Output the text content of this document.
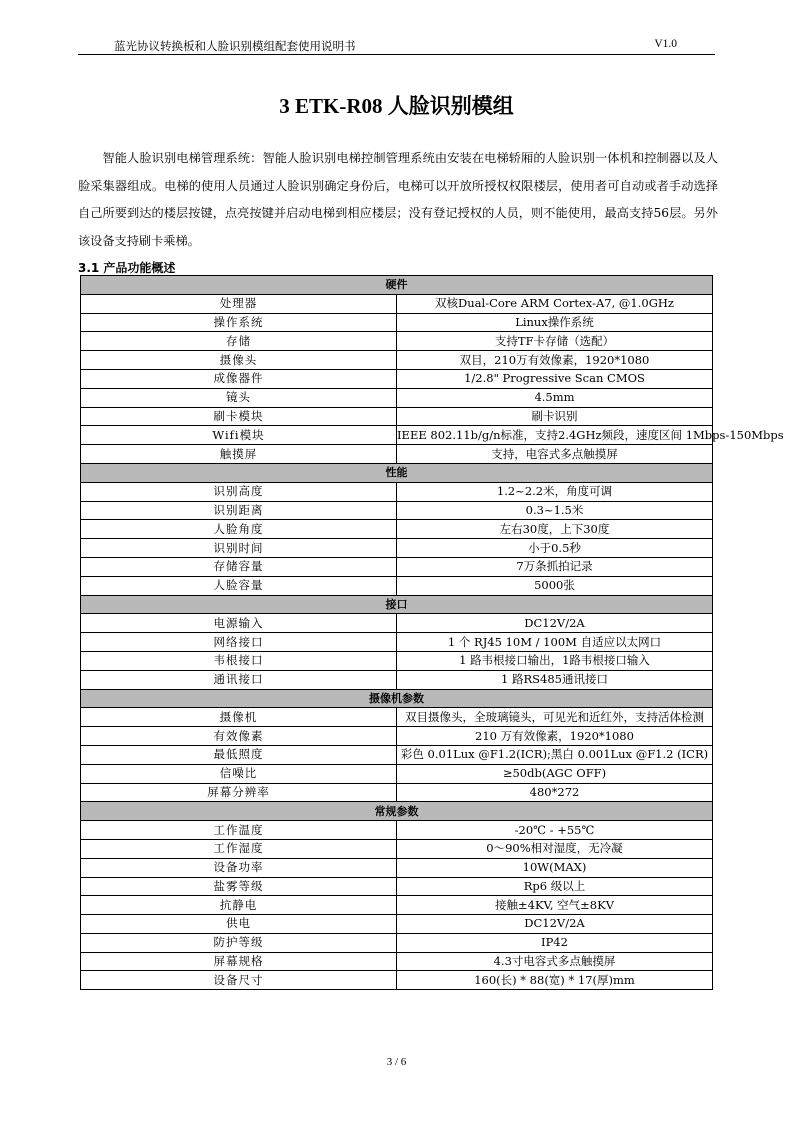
蓝光协议转换板和人脸识别模组配套使用说明书	V1.0
3 ETK-R08 人脸识别模组

智能人脸识别电梯管理系统：智能人脸识别电梯控制管理系统由安装在电梯轿厢的人脸识别一体机和控制器以及人脸采集器组成。电梯的使用人员通过人脸识别确定身份后，电梯可以开放所授权权限楼层，使用者可自动或者手动选择自己所要到达的楼层按键，点亮按键并启动电梯到相应楼层；没有登记授权的人员，则不能使用，最高支持56层。另外该设备支持刷卡乘梯。

3.1 产品功能概述
硬件	
处理器	双核Dual-Core ARM Cortex-A7, @1.0GHz
操作系统	Linux操作系统
存储	支持TF卡存储（选配）
摄像头	双目，210万有效像素，1920*1080
成像器件	1/2.8" Progressive Scan CMOS
镜头	4.5mm
刷卡模块	刷卡识别
Wifi模块	IEEE 802.11b/g/n标准，支持2.4GHz频段，速度区间 1Mbps-150Mbps
触摸屏	支持，电容式多点触摸屏
性能	
识别高度	1.2~2.2米，角度可调
识别距离	0.3~1.5米
人脸角度	左右30度，上下30度
识别时间	小于0.5秒
存储容量	7万条抓拍记录
人脸容量	5000张
接口	
电源输入	DC12V/2A
网络接口	1 个 RJ45 10M / 100M 自适应以太网口
韦根接口	1 路韦根接口输出，1路韦根接口输入
通讯接口	1 路RS485通讯接口
摄像机参数	
摄像机	双目摄像头，全玻璃镜头，可见光和近红外，支持活体检测
有效像素	210 万有效像素，1920*1080
最低照度	彩色 0.01Lux @F1.2(ICR);黑白 0.001Lux @F1.2 (ICR)
信噪比	≥50db(AGC OFF)
屏幕分辨率	480*272
常规参数	
工作温度	-20℃ - +55℃
工作湿度	0～90%相对湿度，无冷凝
设备功率	10W(MAX)
盐雾等级	Rp6 级以上
抗静电	接触±4KV, 空气±8KV
供电	DC12V/2A
防护等级	IP42
屏幕规格	4.3寸电容式多点触摸屏
设备尺寸	160(长) * 88(宽) * 17(厚)mm
3 / 6
